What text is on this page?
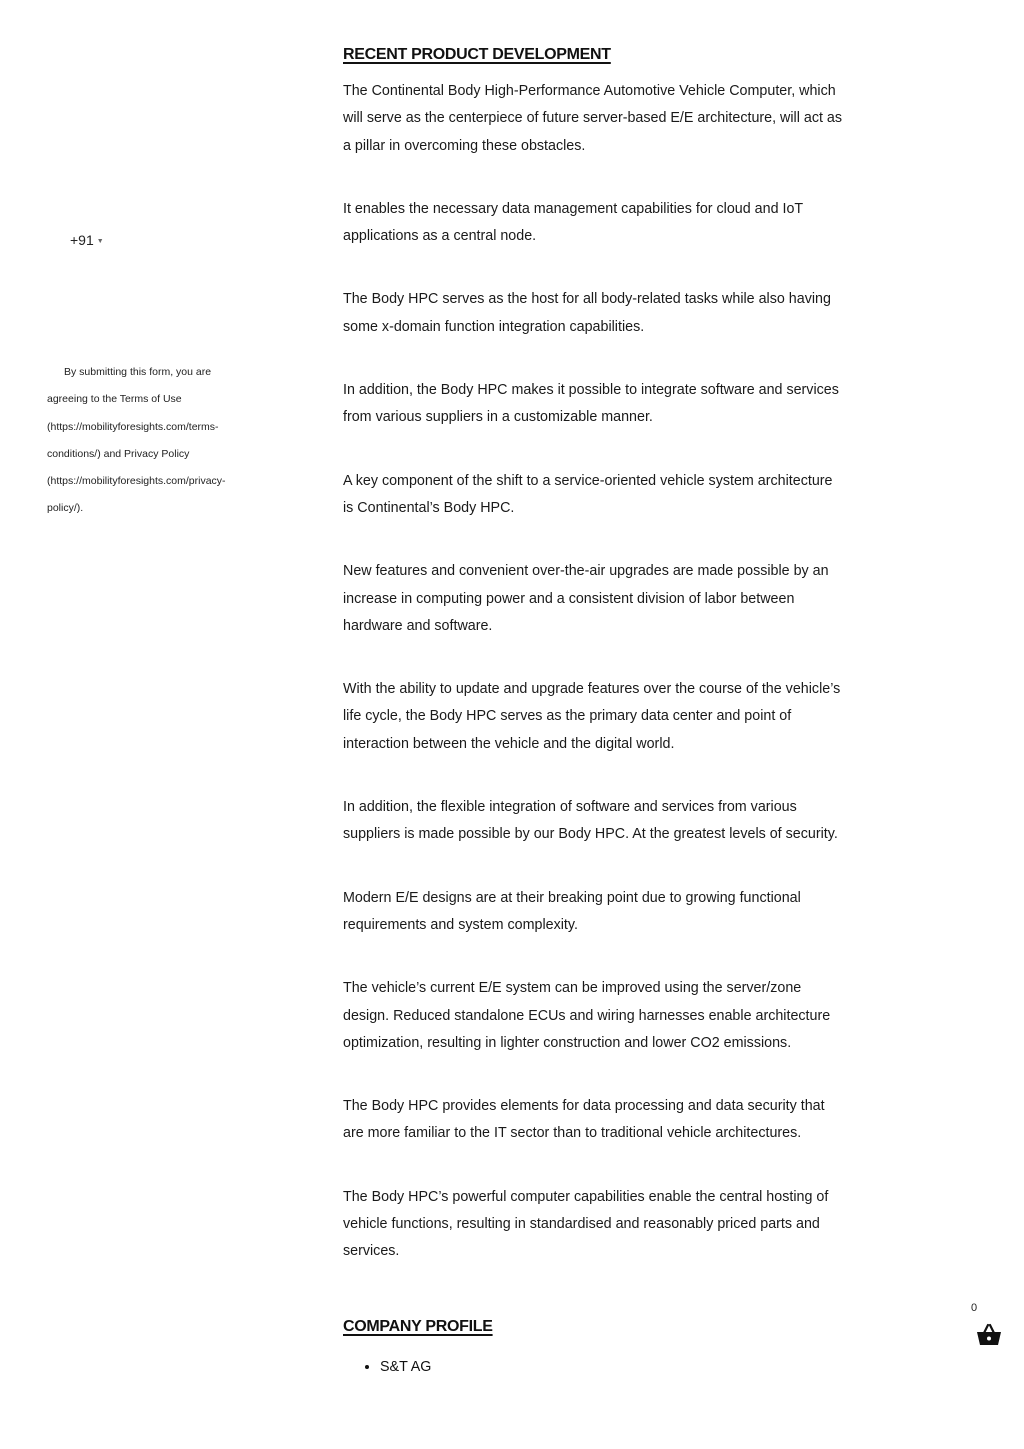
+91 ▼

By submitting this form, you are agreeing to the Terms of Use (https://mobilityforesights.com/terms-conditions/) and Privacy Policy (https://mobilityforesights.com/privacy-policy/).

RECENT PRODUCT DEVELOPMENT

The Continental Body High-Performance Automotive Vehicle Computer, which will serve as the centerpiece of future server-based E/E architecture, will act as a pillar in overcoming these obstacles.

It enables the necessary data management capabilities for cloud and IoT applications as a central node.

The Body HPC serves as the host for all body-related tasks while also having some x-domain function integration capabilities.

In addition, the Body HPC makes it possible to integrate software and services from various suppliers in a customizable manner.

A key component of the shift to a service-oriented vehicle system architecture is Continental’s Body HPC.

New features and convenient over-the-air upgrades are made possible by an increase in computing power and a consistent division of labor between hardware and software.

With the ability to update and upgrade features over the course of the vehicle’s life cycle, the Body HPC serves as the primary data center and point of interaction between the vehicle and the digital world.

In addition, the flexible integration of software and services from various suppliers is made possible by our Body HPC. At the greatest levels of security.

Modern E/E designs are at their breaking point due to growing functional requirements and system complexity.

The vehicle’s current E/E system can be improved using the server/zone design. Reduced standalone ECUs and wiring harnesses enable architecture optimization, resulting in lighter construction and lower CO2 emissions.

The Body HPC provides elements for data processing and data security that are more familiar to the IT sector than to traditional vehicle architectures.

The Body HPC’s powerful computer capabilities enable the central hosting of vehicle functions, resulting in standardised and reasonably priced parts and services.

COMPANY PROFILE
• S&T AG
0
